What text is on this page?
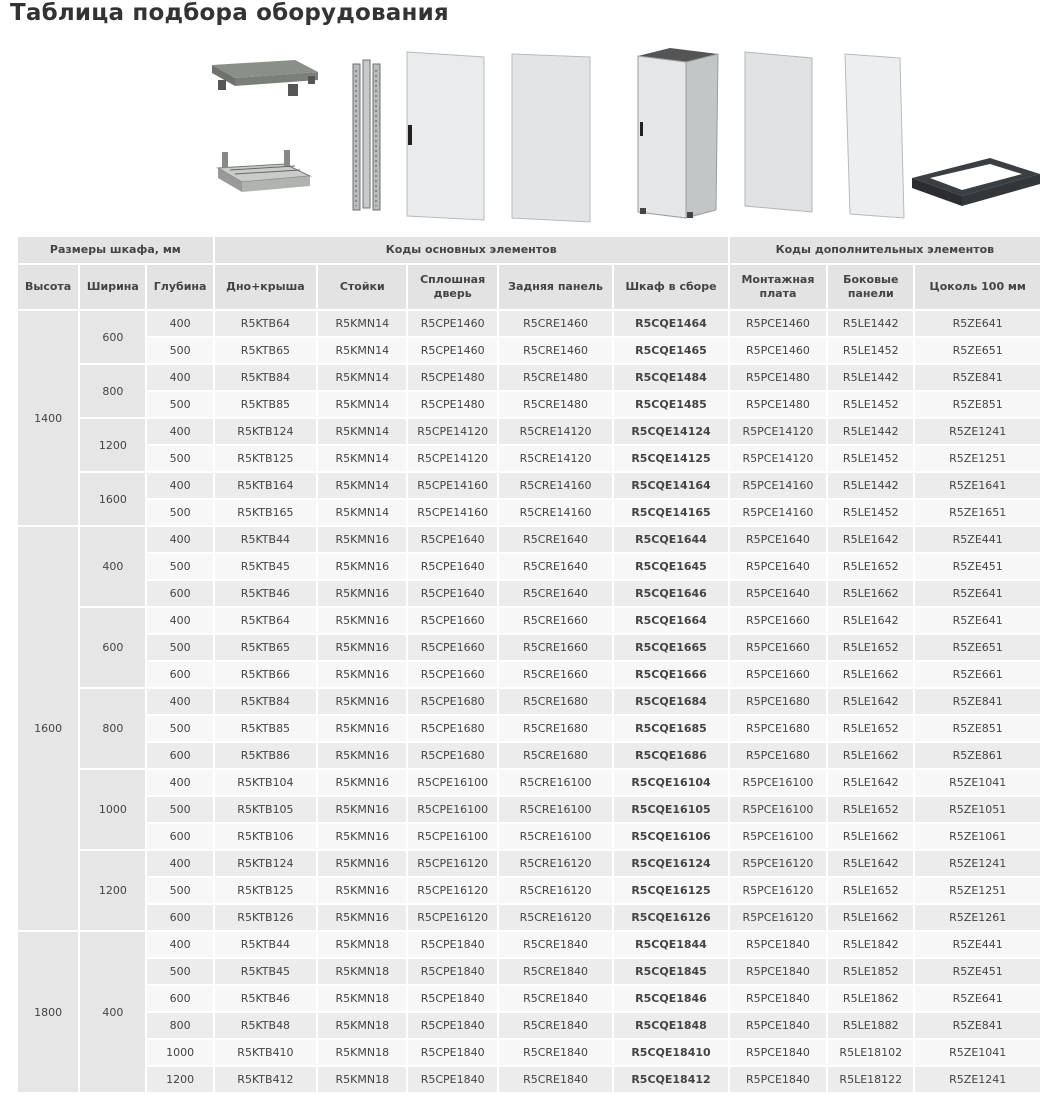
Таблица подбора оборудования
Размеры шкафа, мм			Коды основных элементов					Коды дополнительных элементов		
Высота	Ширина	Глубина	Дно+крыша	Стойки	Сплошная дверь	Задняя панель	Шкаф в сборе	Монтажная плата	Боковые панели	Цоколь 100 мм
1400	600	400	R5KTB64	R5KMN14	R5CPE1460	R5CRE1460	R5CQE1464	R5PCE1460	R5LE1442	R5ZE641
		500	R5KTB65	R5KMN14	R5CPE1460	R5CRE1460	R5CQE1465	R5PCE1460	R5LE1452	R5ZE651
	800	400	R5KTB84	R5KMN14	R5CPE1480	R5CRE1480	R5CQE1484	R5PCE1480	R5LE1442	R5ZE841
		500	R5KTB85	R5KMN14	R5CPE1480	R5CRE1480	R5CQE1485	R5PCE1480	R5LE1452	R5ZE851
	1200	400	R5KTB124	R5KMN14	R5CPE14120	R5CRE14120	R5CQE14124	R5PCE14120	R5LE1442	R5ZE1241
		500	R5KTB125	R5KMN14	R5CPE14120	R5CRE14120	R5CQE14125	R5PCE14120	R5LE1452	R5ZE1251
	1600	400	R5KTB164	R5KMN14	R5CPE14160	R5CRE14160	R5CQE14164	R5PCE14160	R5LE1442	R5ZE1641
		500	R5KTB165	R5KMN14	R5CPE14160	R5CRE14160	R5CQE14165	R5PCE14160	R5LE1452	R5ZE1651
1600	400	400	R5KTB44	R5KMN16	R5CPE1640	R5CRE1640	R5CQE1644	R5PCE1640	R5LE1642	R5ZE441
		500	R5KTB45	R5KMN16	R5CPE1640	R5CRE1640	R5CQE1645	R5PCE1640	R5LE1652	R5ZE451
		600	R5KTB46	R5KMN16	R5CPE1640	R5CRE1640	R5CQE1646	R5PCE1640	R5LE1662	R5ZE641
	600	400	R5KTB64	R5KMN16	R5CPE1660	R5CRE1660	R5CQE1664	R5PCE1660	R5LE1642	R5ZE641
		500	R5KTB65	R5KMN16	R5CPE1660	R5CRE1660	R5CQE1665	R5PCE1660	R5LE1652	R5ZE651
		600	R5KTB66	R5KMN16	R5CPE1660	R5CRE1660	R5CQE1666	R5PCE1660	R5LE1662	R5ZE661
	800	400	R5KTB84	R5KMN16	R5CPE1680	R5CRE1680	R5CQE1684	R5PCE1680	R5LE1642	R5ZE841
		500	R5KTB85	R5KMN16	R5CPE1680	R5CRE1680	R5CQE1685	R5PCE1680	R5LE1652	R5ZE851
		600	R5KTB86	R5KMN16	R5CPE1680	R5CRE1680	R5CQE1686	R5PCE1680	R5LE1662	R5ZE861
	1000	400	R5KTB104	R5KMN16	R5CPE16100	R5CRE16100	R5CQE16104	R5PCE16100	R5LE1642	R5ZE1041
		500	R5KTB105	R5KMN16	R5CPE16100	R5CRE16100	R5CQE16105	R5PCE16100	R5LE1652	R5ZE1051
		600	R5KTB106	R5KMN16	R5CPE16100	R5CRE16100	R5CQE16106	R5PCE16100	R5LE1662	R5ZE1061
	1200	400	R5KTB124	R5KMN16	R5CPE16120	R5CRE16120	R5CQE16124	R5PCE16120	R5LE1642	R5ZE1241
		500	R5KTB125	R5KMN16	R5CPE16120	R5CRE16120	R5CQE16125	R5PCE16120	R5LE1652	R5ZE1251
		600	R5KTB126	R5KMN16	R5CPE16120	R5CRE16120	R5CQE16126	R5PCE16120	R5LE1662	R5ZE1261
1800	400	400	R5KTB44	R5KMN18	R5CPE1840	R5CRE1840	R5CQE1844	R5PCE1840	R5LE1842	R5ZE441
		500	R5KTB45	R5KMN18	R5CPE1840	R5CRE1840	R5CQE1845	R5PCE1840	R5LE1852	R5ZE451
		600	R5KTB46	R5KMN18	R5CPE1840	R5CRE1840	R5CQE1846	R5PCE1840	R5LE1862	R5ZE641
		800	R5KTB48	R5KMN18	R5CPE1840	R5CRE1840	R5CQE1848	R5PCE1840	R5LE1882	R5ZE841
		1000	R5KTB410	R5KMN18	R5CPE1840	R5CRE1840	R5CQE18410	R5PCE1840	R5LE18102	R5ZE1041
		1200	R5KTB412	R5KMN18	R5CPE1840	R5CRE1840	R5CQE18412	R5PCE1840	R5LE18122	R5ZE1241
